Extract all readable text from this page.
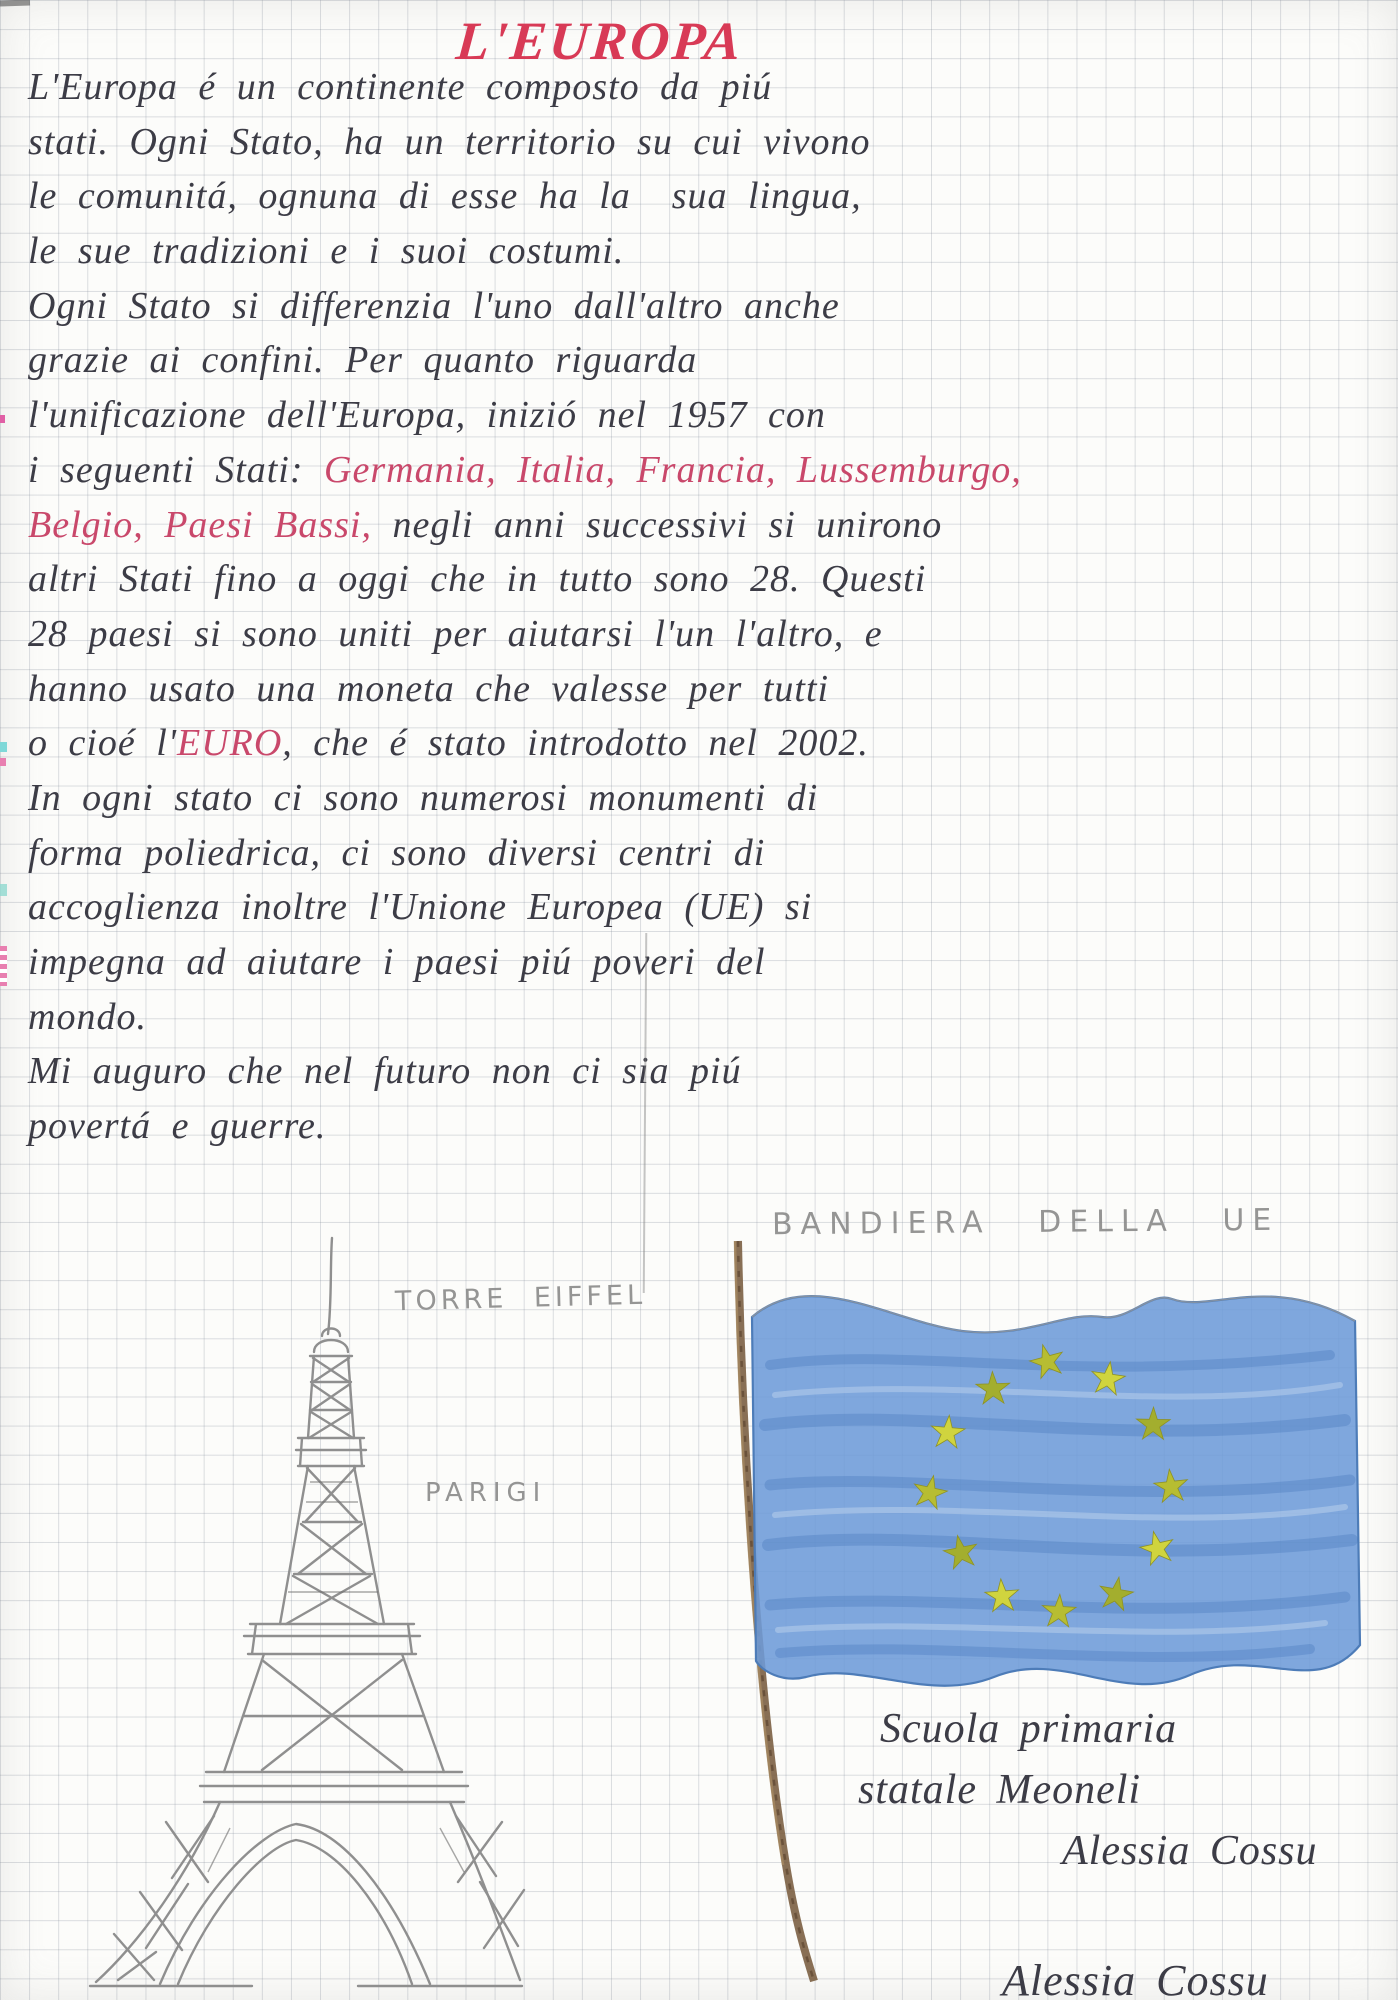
L'EUROPA
L'Europa é un continente composto da piú
stati. Ogni Stato, ha un territorio su cui vivono
le comunitá, ognuna di esse ha la  sua lingua,
le sue tradizioni e i suoi costumi.
Ogni Stato si differenzia l'uno dall'altro anche
grazie ai confini. Per quanto riguarda
l'unificazione dell'Europa, inizió nel 1957 con
i seguenti Stati: Germania, Italia, Francia, Lussemburgo,
Belgio, Paesi Bassi, negli anni successivi si unirono
altri Stati fino a oggi che in tutto sono 28. Questi
28 paesi si sono uniti per aiutarsi l'un l'altro, e
hanno usato una moneta che valesse per tutti
o cioé l'EURO, che é stato introdotto nel 2002.
In ogni stato ci sono numerosi monumenti di
forma poliedrica, ci sono diversi centri di
accoglienza inoltre l'Unione Europea (UE) si
impegna ad aiutare i paesi piú poveri del
mondo.
Mi auguro che nel futuro non ci sia piú
povertá e guerre.
BANDIERA DELLA UE
TORRE EIFFEL
PARIGI
★ ★
★
★
★
★
★
★
★
★
★
★
Scuola primaria
statale Meoneli
Alessia Cossu
Alessia Cossu
